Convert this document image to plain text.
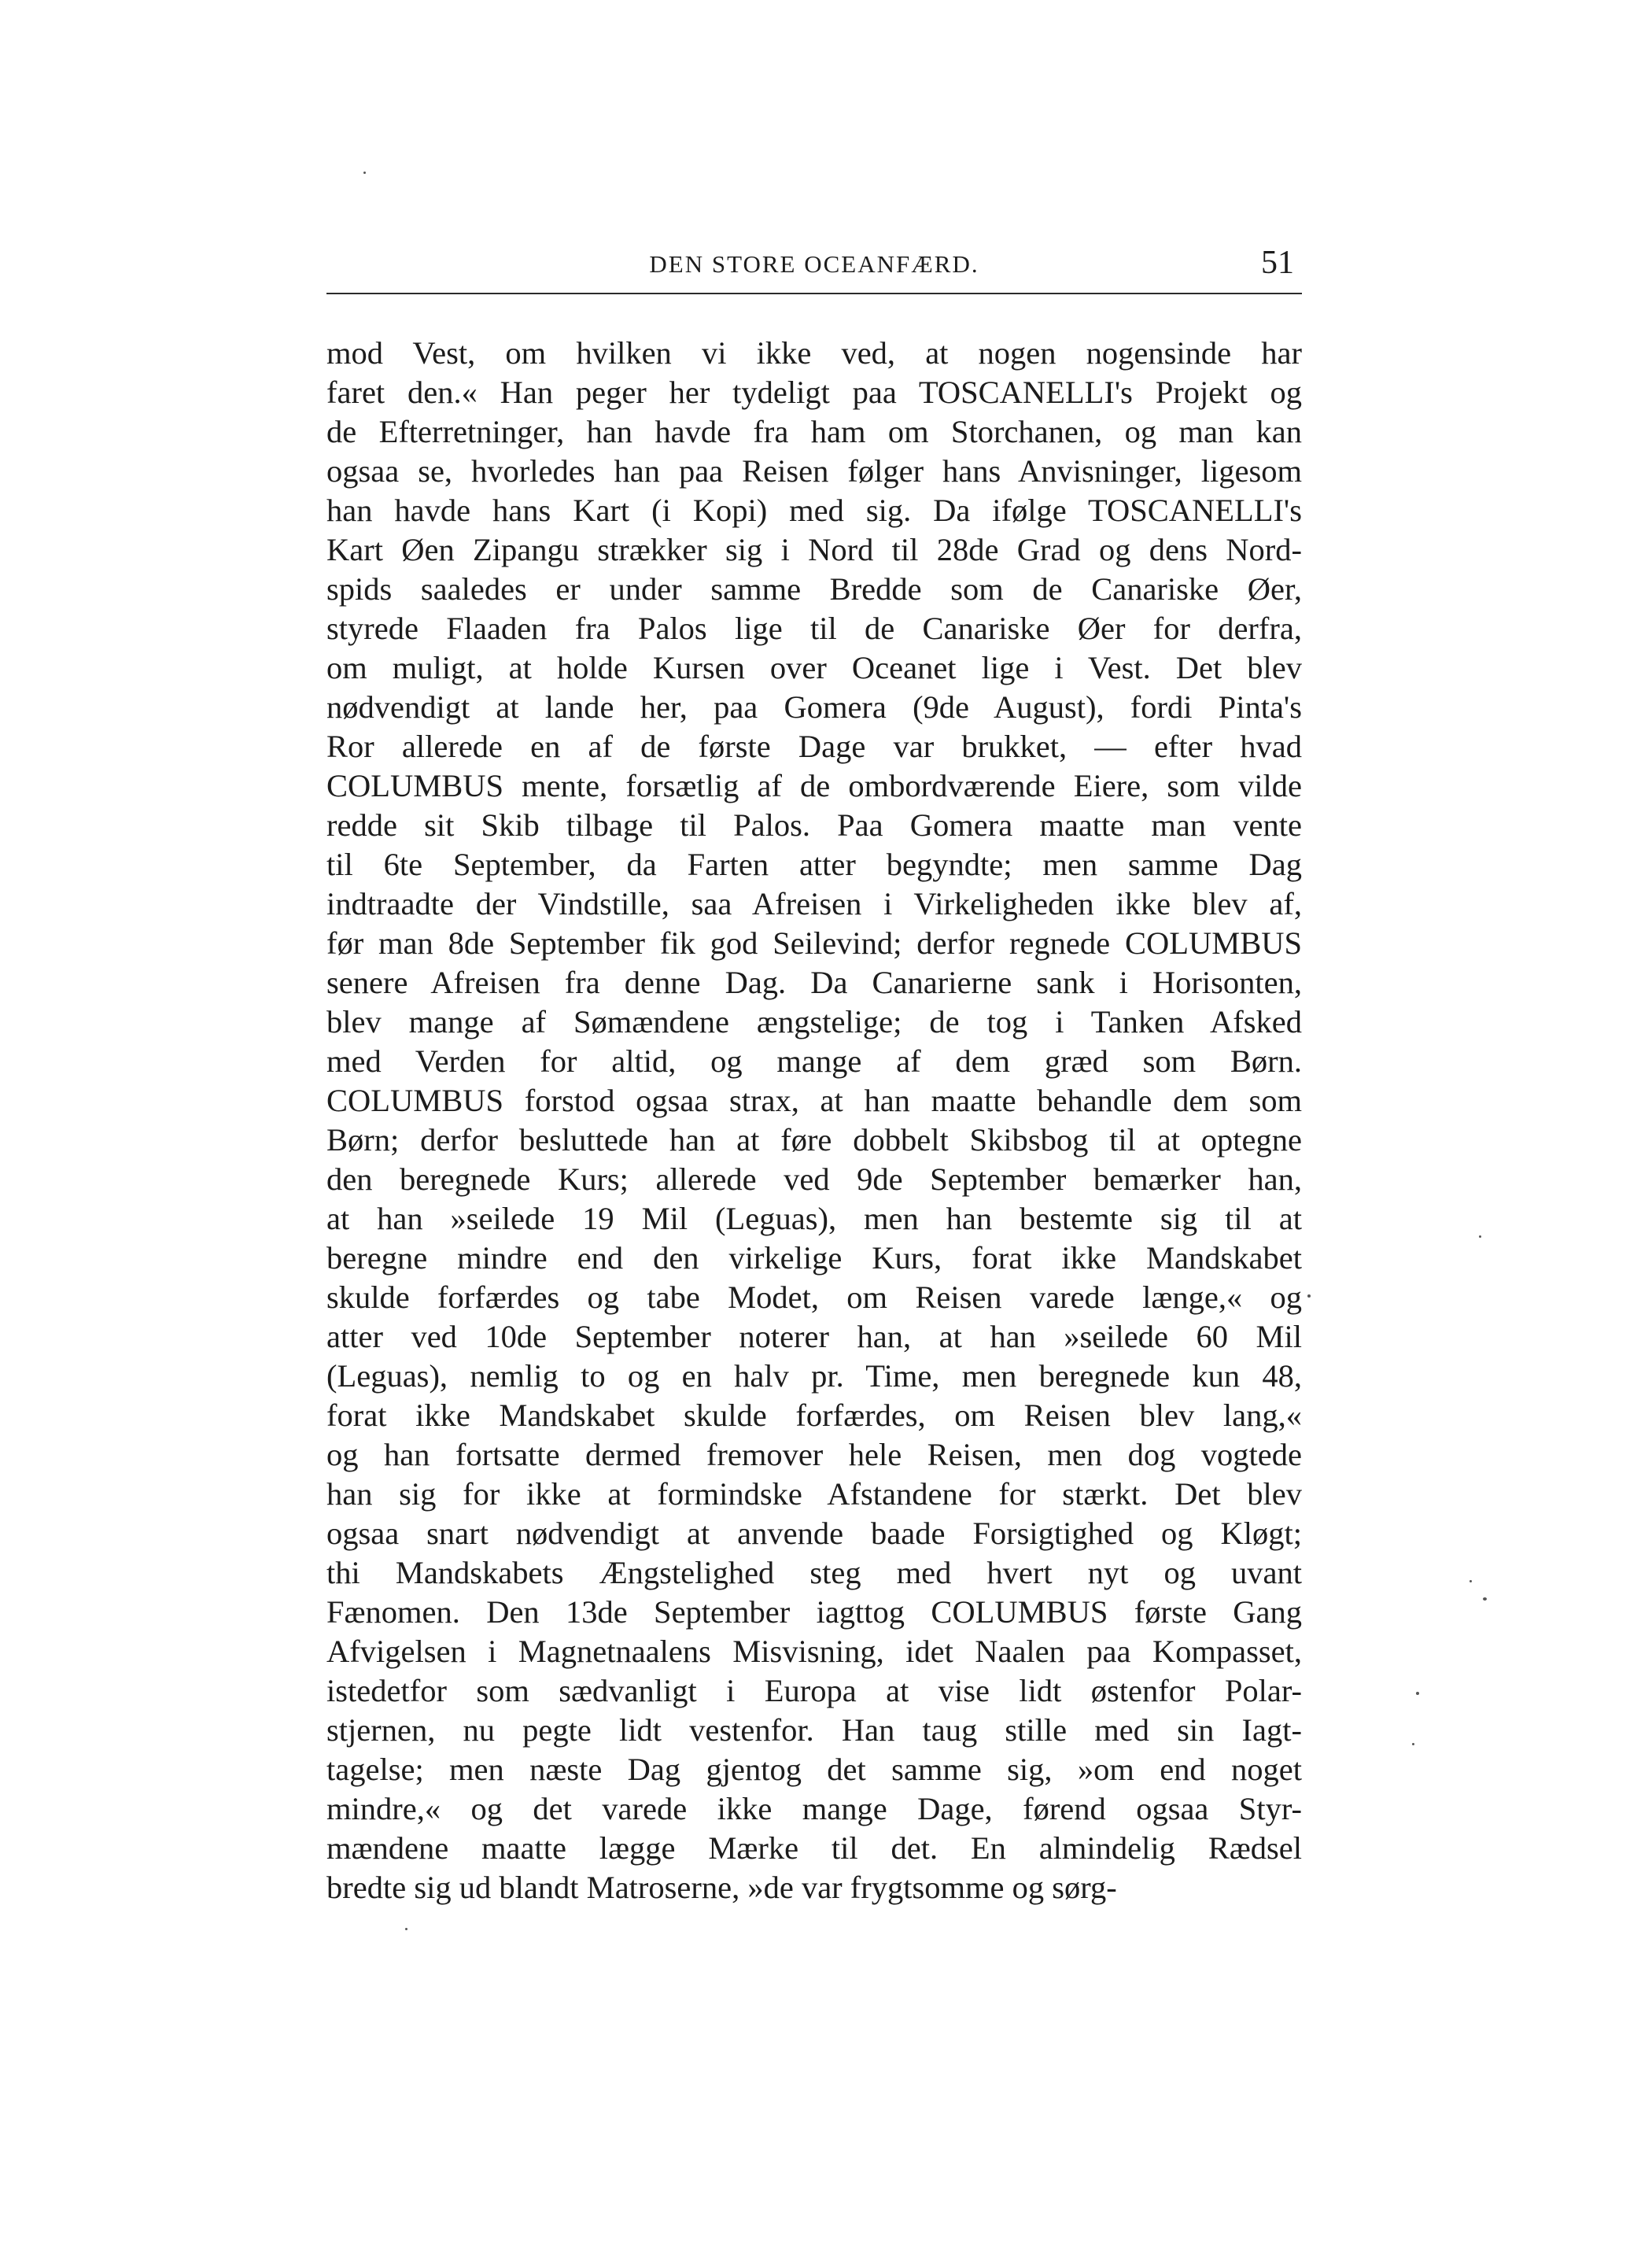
DEN STORE OCEANFÆRD.	51
mod Vest, om hvilken vi ikke ved, at nogen nogensinde har
faret den.« Han peger her tydeligt paa TOSCANELLI's Projekt og
de Efterretninger, han havde fra ham om Storchanen, og man kan
ogsaa se, hvorledes han paa Reisen følger hans Anvisninger, ligesom
han havde hans Kart (i Kopi) med sig. Da ifølge TOSCANELLI's
Kart Øen Zipangu strækker sig i Nord til 28de Grad og dens Nord-
spids saaledes er under samme Bredde som de Canariske Øer,
styrede Flaaden fra Palos lige til de Canariske Øer for derfra,
om muligt, at holde Kursen over Oceanet lige i Vest. Det blev
nødvendigt at lande her, paa Gomera (9de August), fordi Pinta's
Ror allerede en af de første Dage var brukket, — efter hvad
COLUMBUS mente, forsætlig af de ombordværende Eiere, som vilde
redde sit Skib tilbage til Palos. Paa Gomera maatte man vente
til 6te September, da Farten atter begyndte; men samme Dag
indtraadte der Vindstille, saa Afreisen i Virkeligheden ikke blev af,
før man 8de September fik god Seilevind; derfor regnede COLUMBUS
senere Afreisen fra denne Dag. Da Canarierne sank i Horisonten,
blev mange af Sømændene ængstelige; de tog i Tanken Afsked
med Verden for altid, og mange af dem græd som Børn.
COLUMBUS forstod ogsaa strax, at han maatte behandle dem som
Børn; derfor besluttede han at føre dobbelt Skibsbog til at optegne
den beregnede Kurs; allerede ved 9de September bemærker han,
at han »seilede 19 Mil (Leguas), men han bestemte sig til at
beregne mindre end den virkelige Kurs, forat ikke Mandskabet
skulde forfærdes og tabe Modet, om Reisen varede længe,« og
atter ved 10de September noterer han, at han »seilede 60 Mil
(Leguas), nemlig to og en halv pr. Time, men beregnede kun 48,
forat ikke Mandskabet skulde forfærdes, om Reisen blev lang,«
og han fortsatte dermed fremover hele Reisen, men dog vogtede
han sig for ikke at formindske Afstandene for stærkt. Det blev
ogsaa snart nødvendigt at anvende baade Forsigtighed og Kløgt;
thi Mandskabets Ængstelighed steg med hvert nyt og uvant
Fænomen. Den 13de September iagttog COLUMBUS første Gang
Afvigelsen i Magnetnaalens Misvisning, idet Naalen paa Kompasset,
istedetfor som sædvanligt i Europa at vise lidt østenfor Polar-
stjernen, nu pegte lidt vestenfor. Han taug stille med sin Iagt-
tagelse; men næste Dag gjentog det samme sig, »om end noget
mindre,« og det varede ikke mange Dage, førend ogsaa Styr-
mændene maatte lægge Mærke til det. En almindelig Rædsel
bredte sig ud blandt Matroserne, »de var frygtsomme og sørg-
